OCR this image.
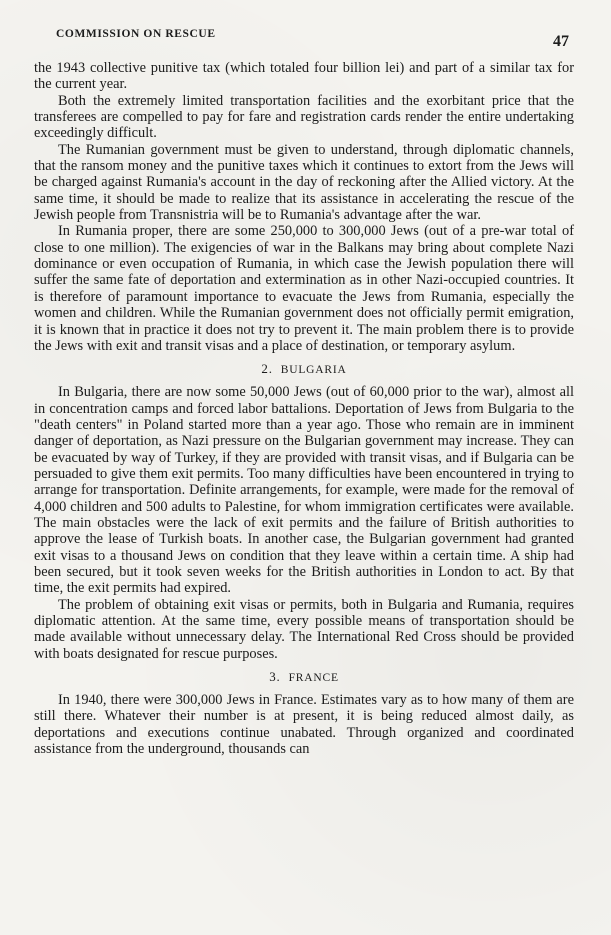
COMMISSION ON RESCUE	47

the 1943 collective punitive tax (which totaled four billion lei) and part of a similar tax for the current year.

Both the extremely limited transportation facilities and the exorbitant price that the transferees are compelled to pay for fare and registration cards render the entire undertaking exceedingly difficult.

The Rumanian government must be given to understand, through diplomatic channels, that the ransom money and the punitive taxes which it continues to extort from the Jews will be charged against Rumania's account in the day of reckoning after the Allied victory. At the same time, it should be made to realize that its assistance in accelerating the rescue of the Jewish people from Transnistria will be to Rumania's advantage after the war.

In Rumania proper, there are some 250,000 to 300,000 Jews (out of a pre-war total of close to one million). The exigencies of war in the Balkans may bring about complete Nazi dominance or even occupation of Rumania, in which case the Jewish population there will suffer the same fate of deportation and extermination as in other Nazi-occupied countries. It is therefore of paramount importance to evacuate the Jews from Rumania, especially the women and children. While the Rumanian government does not officially permit emigration, it is known that in practice it does not try to prevent it. The main problem there is to provide the Jews with exit and transit visas and a place of destination, or temporary asylum.

2. BULGARIA

In Bulgaria, there are now some 50,000 Jews (out of 60,000 prior to the war), almost all in concentration camps and forced labor battalions. Deportation of Jews from Bulgaria to the "death centers" in Poland started more than a year ago. Those who remain are in imminent danger of deportation, as Nazi pressure on the Bulgarian government may increase. They can be evacuated by way of Turkey, if they are provided with transit visas, and if Bulgaria can be persuaded to give them exit permits. Too many difficulties have been encountered in trying to arrange for transportation. Definite arrangements, for example, were made for the removal of 4,000 children and 500 adults to Palestine, for whom immigration certificates were available. The main obstacles were the lack of exit permits and the failure of British authorities to approve the lease of Turkish boats. In another case, the Bulgarian government had granted exit visas to a thousand Jews on condition that they leave within a certain time. A ship had been secured, but it took seven weeks for the British authorities in London to act. By that time, the exit permits had expired.

The problem of obtaining exit visas or permits, both in Bulgaria and Rumania, requires diplomatic attention. At the same time, every possible means of transportation should be made available without unnecessary delay. The International Red Cross should be provided with boats designated for rescue purposes.

3. FRANCE

In 1940, there were 300,000 Jews in France. Estimates vary as to how many of them are still there. Whatever their number is at present, it is being reduced almost daily, as deportations and executions continue unabated. Through organized and coordinated assistance from the underground, thousands can
